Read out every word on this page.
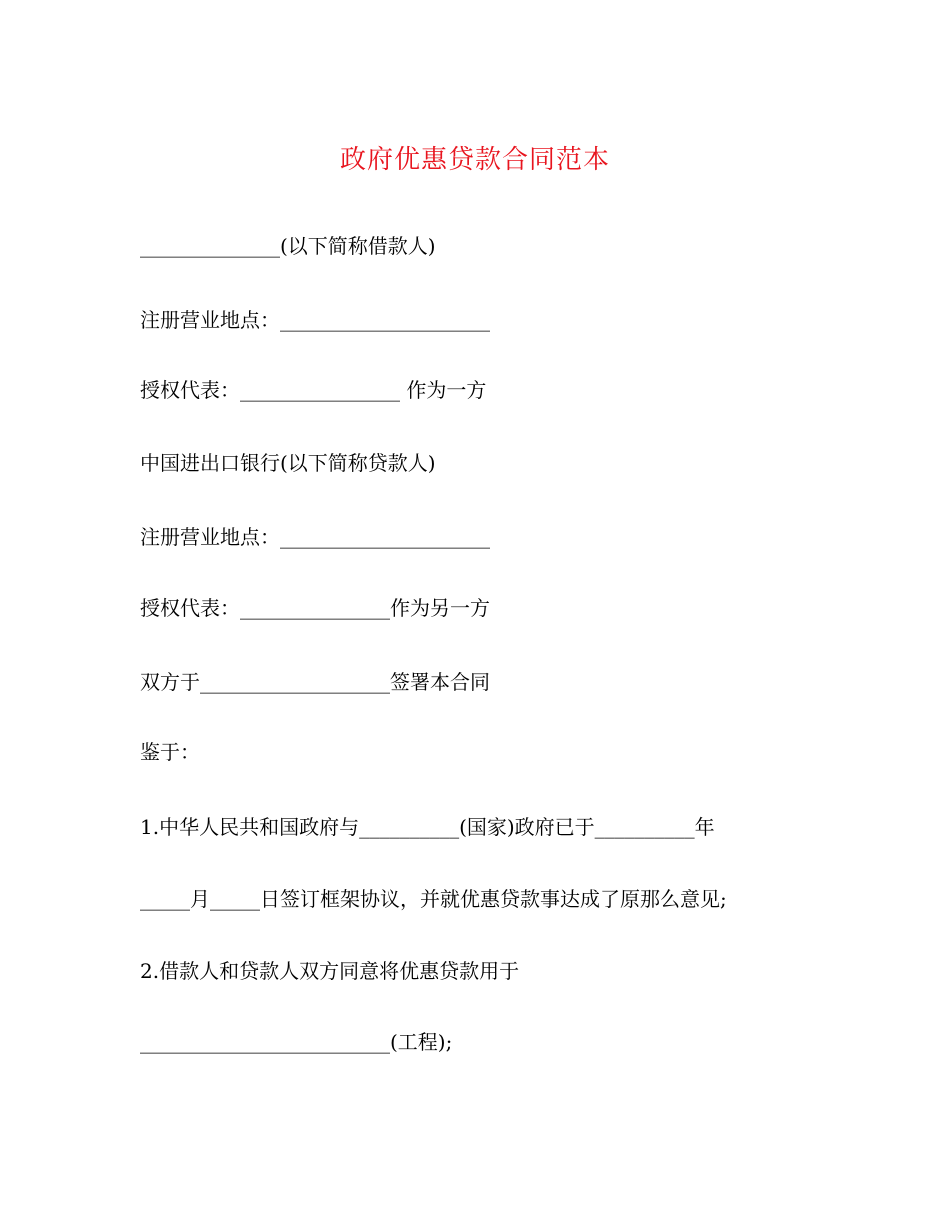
政府优惠贷款合同范本
______________(以下简称借款人)
注册营业地点：_____________________
授权代表：________________ 作为一方
中国进出口银行(以下简称贷款人)
注册营业地点：_____________________
授权代表：_______________作为另一方
双方于___________________签署本合同
鉴于：
1.中华人民共和国政府与__________(国家)政府已于__________年
_____月_____日签订框架协议，并就优惠贷款事达成了原那么意见;
2.借款人和贷款人双方同意将优惠贷款用于
_________________________(工程);
